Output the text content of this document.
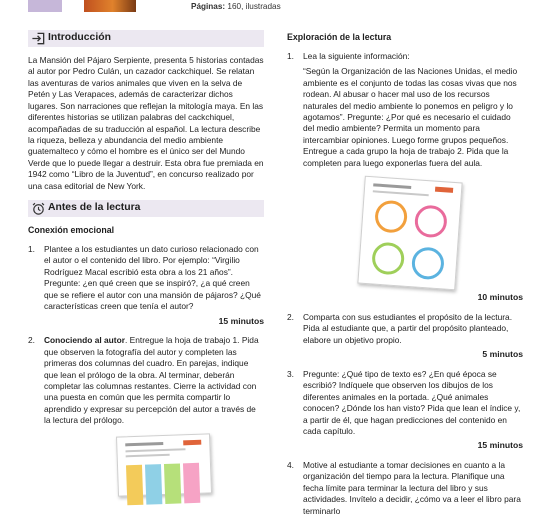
Páginas: 160, ilustradas
Introducción

La Mansión del Pájaro Serpiente, presenta 5 historias contadas al autor por Pedro Culán, un cazador cackchiquel. Se relatan las aventuras de varios animales que viven en la selva de Petén y Las Verapaces, además de caracterizar dichos lugares. Son narraciones que reflejan la mitología maya. En las diferentes historias se utilizan palabras del cackchiquel, acompañadas de su traducción al español. La lectura describe la riqueza, belleza y abundancia del medio ambiente guatemalteco y cómo el hombre es el único ser del Mundo Verde que lo puede llegar a destruir. Esta obra fue premiada en 1942 como “Libro de la Juventud”, en concurso realizado por una casa editorial de New York.

Antes de la lectura
Conexión emocional
1. Plantee a los estudiantes un dato curioso relacionado con el autor o el contenido del libro. Por ejemplo: “Virgilio Rodríguez Macal escribió esta obra a los 21 años”. Pregunte: ¿en qué creen que se inspiró?, ¿a qué creen que se refiere el autor con una mansión de pájaros? ¿Qué características creen que tenía el autor?
15 minutos
2. Conociendo al autor. Entregue la hoja de trabajo 1. Pida que observen la fotografía del autor y completen las primeras dos columnas del cuadro. En parejas, indique que lean el prólogo de la obra. Al terminar, deberán completar las columnas restantes. Cierre la actividad con una puesta en común que les permita compartir lo aprendido y expresar su percepción del autor a través de la lectura del prólogo.
Exploración de la lectura
1. Lea la siguiente información:
“Según la Organización de las Naciones Unidas, el medio ambiente es el conjunto de todas las cosas vivas que nos rodean. Al abusar o hacer mal uso de los recursos naturales del medio ambiente lo ponemos en peligro y lo agotamos”. Pregunte: ¿Por qué es necesario el cuidado del medio ambiente? Permita un momento para intercambiar opiniones. Luego forme grupos pequeños. Entregue a cada grupo la hoja de trabajo 2. Pida que la completen para luego exponerlas fuera del aula.
10 minutos
2. Comparta con sus estudiantes el propósito de la lectura. Pida al estudiante que, a partir del propósito planteado, elabore un objetivo propio.
5 minutos
3. Pregunte: ¿Qué tipo de texto es? ¿En qué época se escribió? Indíquele que observen los dibujos de los diferentes animales en la portada. ¿Qué animales conocen? ¿Dónde los han visto? Pida que lean el índice y, a partir de él, que hagan predicciones del contenido en cada capítulo.
15 minutos
4. Motive al estudiante a tomar decisiones en cuanto a la organización del tiempo para la lectura. Planifique una fecha límite para terminar la lectura del libro y sus actividades. Invítelo a decidir, ¿cómo va a leer el libro para terminarlo
